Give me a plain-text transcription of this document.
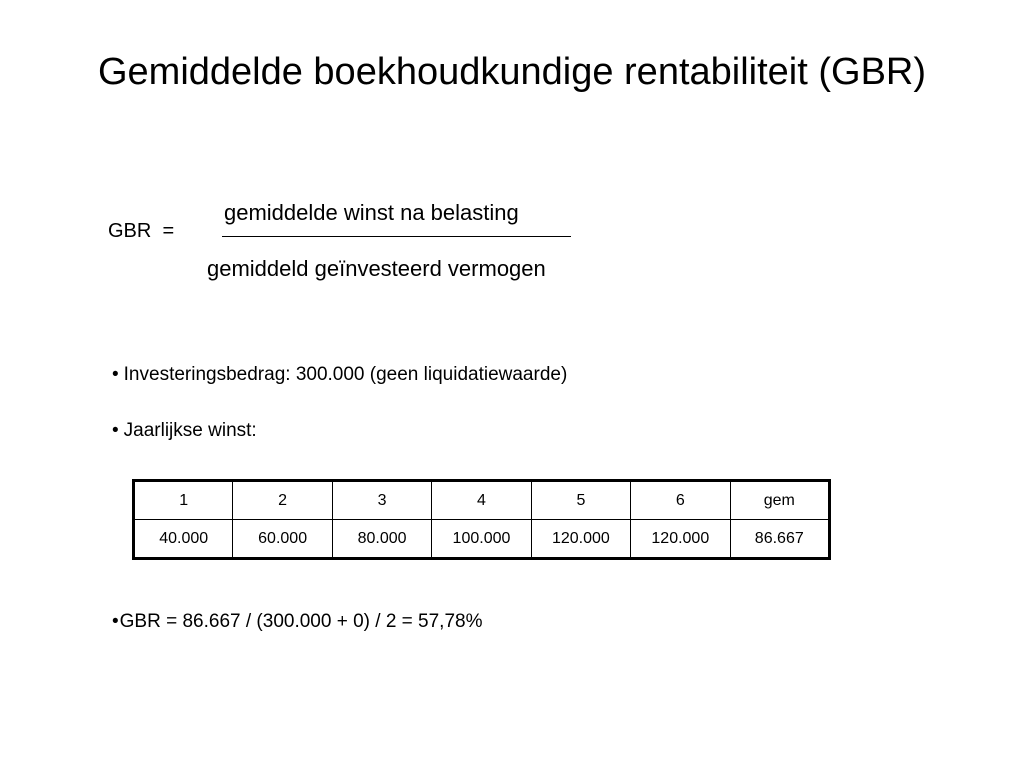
Gemiddelde boekhoudkundige rentabiliteit (GBR)
GBR  =
gemiddelde winst na belasting
gemiddeld geïnvesteerd vermogen
• Investeringsbedrag: 300.000 (geen liquidatiewaarde)
• Jaarlijkse winst:
1	2	3	4	5	6	gem
40.000	60.000	80.000	100.000	120.000	120.000	86.667
•GBR = 86.667 / (300.000 + 0) / 2 = 57,78%
